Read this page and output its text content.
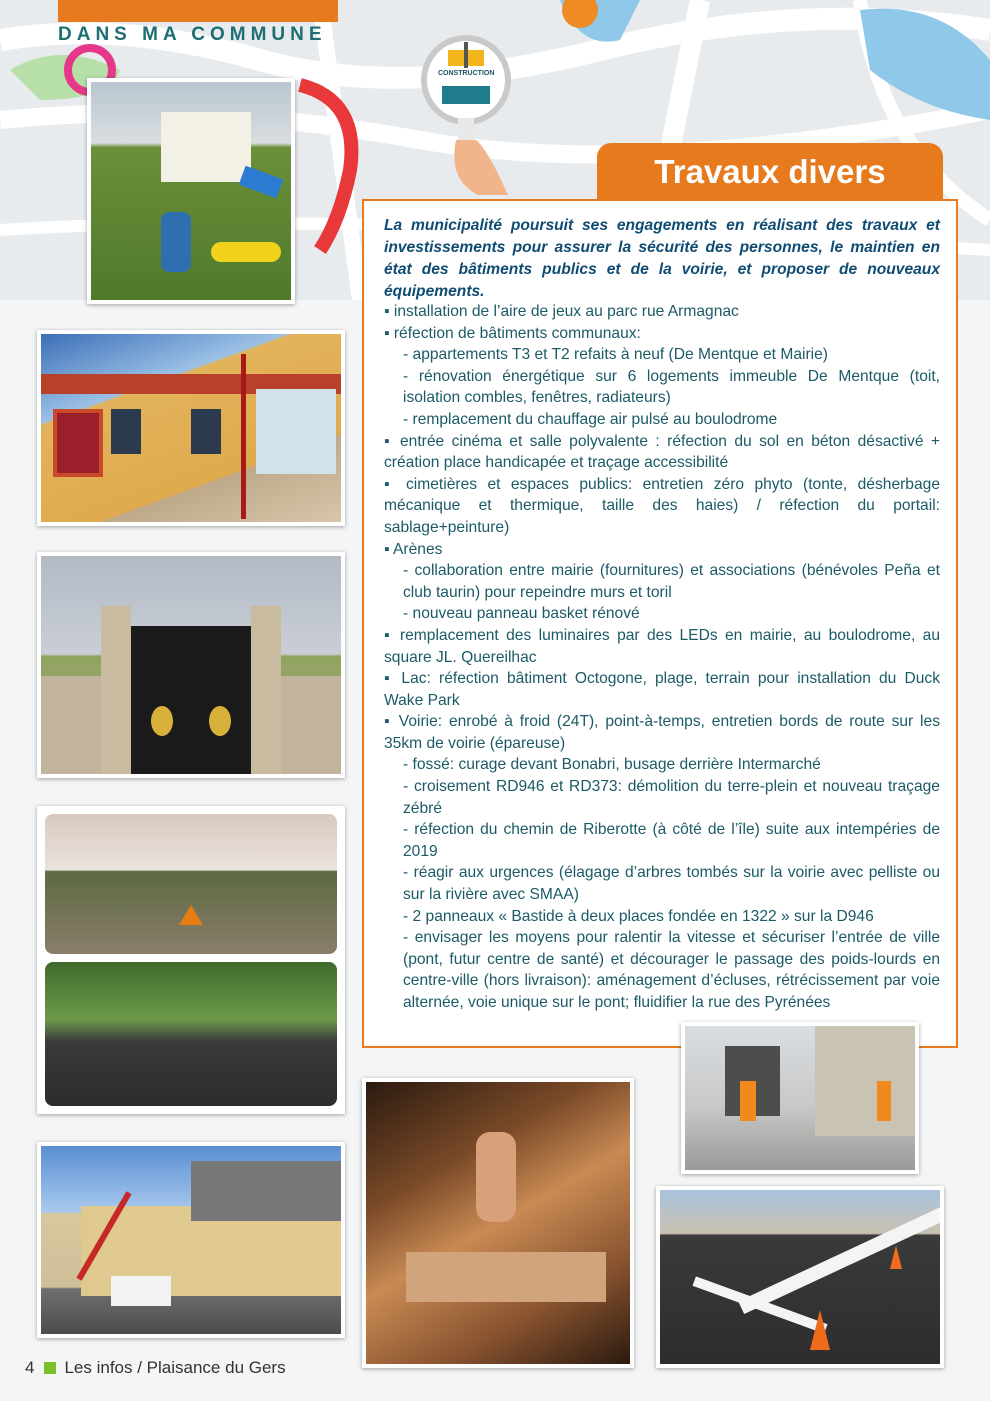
DANS MA COMMUNE
CONSTRUCTION
Travaux divers
La municipalité poursuit ses engagements en réalisant des travaux et investissements pour assurer la sécurité des personnes, le maintien en état des bâtiments publics et de la voirie, et proposer de nouveaux équipements.

▪ installation de l’aire de jeux au parc rue Armagnac

▪ réfection de bâtiments communaux:

- appartements T3 et T2 refaits à neuf (De Mentque et Mairie)

- rénovation énergétique sur 6 logements immeuble De Mentque (toit, isolation combles, fenêtres, radiateurs)

- remplacement du chauffage air pulsé au boulodrome

▪ entrée cinéma et salle polyvalente : réfection du sol en béton désactivé + création place handicapée et traçage accessibilité

▪ cimetières et espaces publics: entretien zéro phyto (tonte, désherbage mécanique et thermique, taille des haies) / réfection du portail: sablage+peinture)

▪ Arènes

- collaboration entre mairie (fournitures) et associations (bénévoles Peña et club taurin) pour repeindre murs et toril

- nouveau panneau basket rénové

▪ remplacement des luminaires par des LEDs en mairie, au boulodrome, au square JL. Quereilhac

▪ Lac: réfection bâtiment Octogone, plage, terrain pour installation du Duck Wake Park

▪ Voirie: enrobé à froid (24T), point-à-temps, entretien bords de route sur les 35km de voirie (épareuse)

- fossé: curage devant Bonabri, busage derrière Intermarché

- croisement RD946 et RD373: démolition du terre-plein et nouveau traçage zébré

- réfection du chemin de Riberotte (à côté de l’île) suite aux intempéries de 2019

- réagir aux urgences (élagage d’arbres tombés sur la voirie avec pelliste ou sur la rivière avec SMAA)

- 2 panneaux « Bastide à deux places fondée en 1322 » sur la D946

- envisager les moyens pour ralentir la vitesse et sécuriser l’entrée de ville (pont, futur centre de santé) et décourager le passage des poids-lourds en centre-ville (hors livraison): aménagement d’écluses, rétrécissement par voie alternée, voie unique sur le pont; fluidifier la rue des Pyrénées

4 Les infos / Plaisance du Gers
